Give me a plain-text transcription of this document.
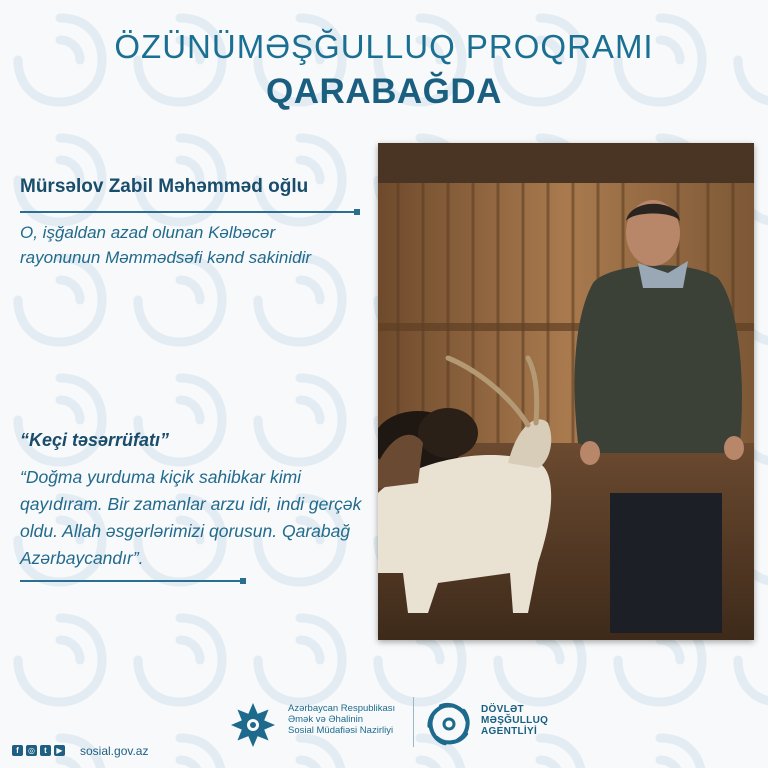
ÖZÜNÜMƏŞĞULLUQ PROQRAMI
QARABAĞDA
Mürsəlov Zabil Məhəmməd oğlu
O, işğaldan azad olunan Kəlbəcər rayonunun Məmmədsəfi kənd sakinidir
“Keçi təsərrüfatı”
“Doğma yurduma kiçik sahibkar kimi qayıdıram. Bir zamanlar arzu idi, indi gerçək oldu. Allah əsgərlərimizi qorusun. Qarabağ Azərbaycandır”.
Azərbaycan Respublikası
Əmək və Əhalinin
Sosial Müdafiəsi Nazirliyi
DÖVLƏT
MƏŞĞULLUQ
AGENTLİYİ
f	◎	t	▶ sosial.gov.az
